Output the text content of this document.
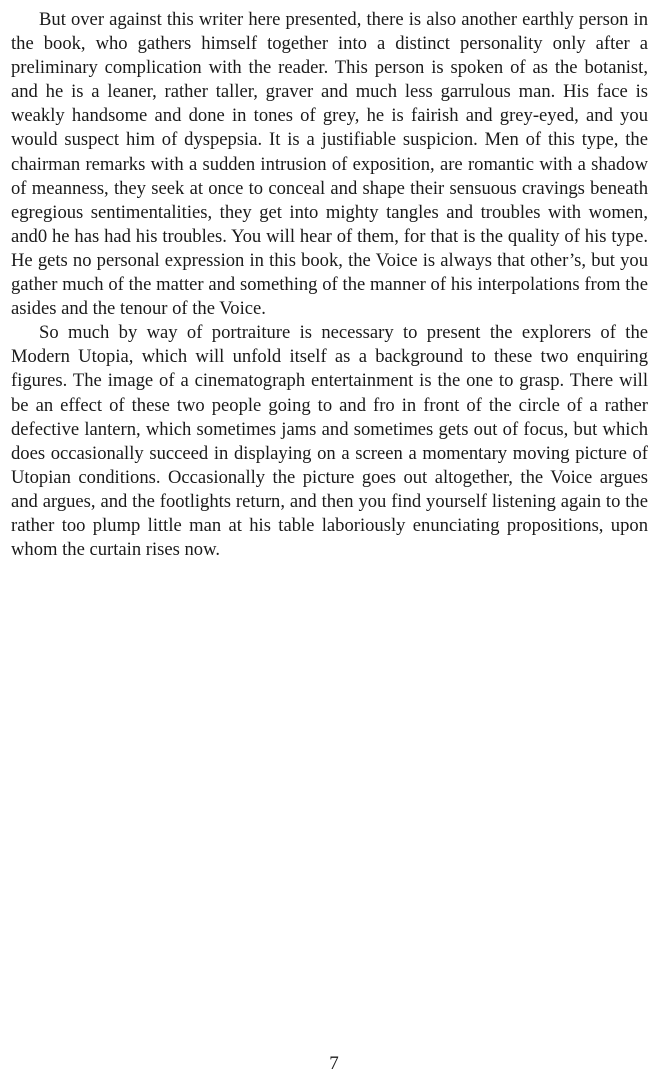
But over against this writer here presented, there is also another earthly person in the book, who gathers himself together into a distinct personality only after a preliminary complication with the reader. This person is spoken of as the botanist, and he is a leaner, rather taller, graver and much less garrulous man. His face is weakly handsome and done in tones of grey, he is fairish and grey-eyed, and you would suspect him of dyspepsia. It is a justifiable suspicion. Men of this type, the chairman remarks with a sudden intrusion of exposition, are romantic with a shadow of meanness, they seek at once to conceal and shape their sensuous cravings beneath egregious sentimentalities, they get into mighty tangles and troubles with women, and0 he has had his troubles. You will hear of them, for that is the quality of his type. He gets no personal expression in this book, the Voice is always that other’s, but you gather much of the matter and something of the manner of his interpolations from the asides and the tenour of the Voice.

So much by way of portraiture is necessary to present the explorers of the Modern Utopia, which will unfold itself as a background to these two enquiring figures. The image of a cinematograph entertainment is the one to grasp. There will be an effect of these two people going to and fro in front of the circle of a rather defective lantern, which sometimes jams and sometimes gets out of focus, but which does occasionally succeed in displaying on a screen a momentary moving picture of Utopian conditions. Occasionally the picture goes out altogether, the Voice argues and argues, and the footlights return, and then you find yourself listening again to the rather too plump little man at his table laboriously enunciating propositions, upon whom the curtain rises now.

7
